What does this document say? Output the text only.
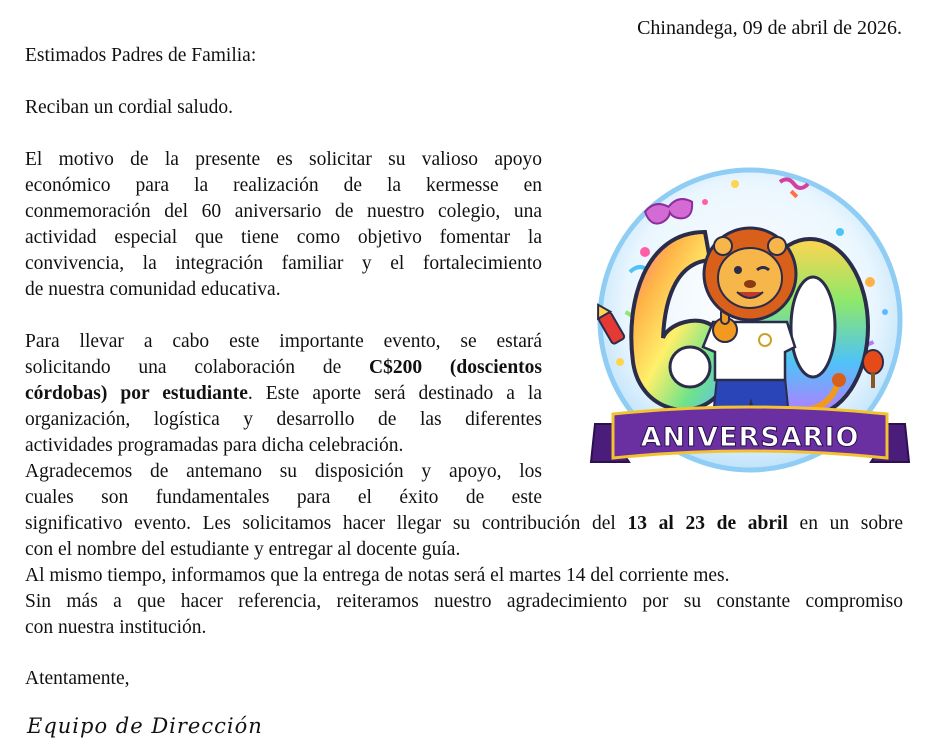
Chinandega, 09 de abril de 2026.
Estimados Padres de Familia:
Reciban un cordial saludo.
El motivo de la presente es solicitar su valioso apoyo
económico para la realización de la kermesse en
conmemoración del 60 aniversario de nuestro colegio, una
actividad especial que tiene como objetivo fomentar la
convivencia, la integración familiar y el fortalecimiento
de nuestra comunidad educativa.
Para llevar a cabo este importante evento, se estará
solicitando una colaboración de C$200 (doscientos
córdobas) por estudiante. Este aporte será destinado a la
organización, logística y desarrollo de las diferentes
actividades programadas para dicha celebración.
Agradecemos de antemano su disposición y apoyo, los
cuales son fundamentales para el éxito de este
significativo evento. Les solicitamos hacer llegar su contribución del 13 al 23 de abril en un sobre
con el nombre del estudiante y entregar al docente guía.
Al mismo tiempo, informamos que la entrega de notas será el martes 14 del corriente mes.
Sin más a que hacer referencia, reiteramos nuestro agradecimiento por su constante compromiso
con nuestra institución.
Atentamente,
Equipo de Dirección
ANIVERSARIO
